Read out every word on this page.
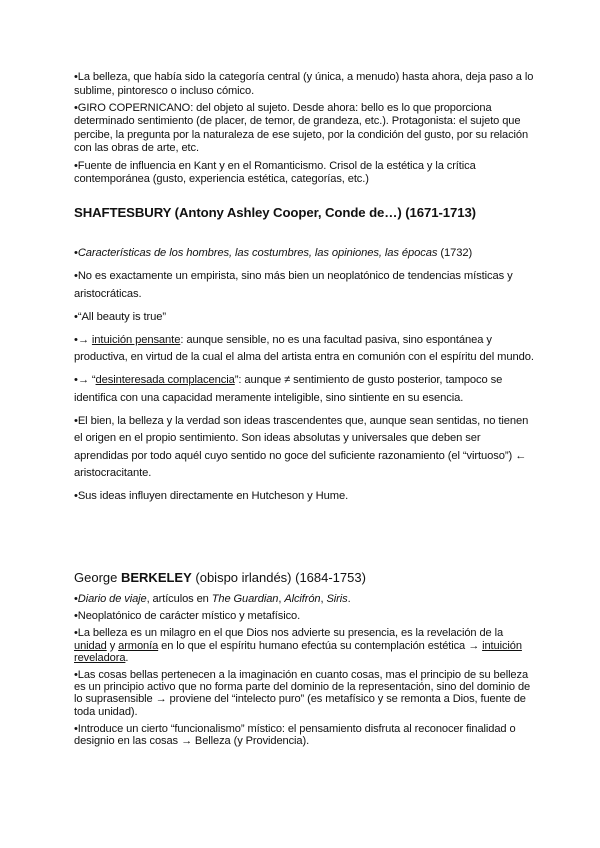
•La belleza, que había sido la categoría central (y única, a menudo) hasta ahora, deja paso a lo sublime, pintoresco o incluso cómico.

•GIRO COPERNICANO: del objeto al sujeto. Desde ahora: bello es lo que proporciona determinado sentimiento (de placer, de temor, de grandeza, etc.). Protagonista: el sujeto que percibe, la pregunta por la naturaleza de ese sujeto, por la condición del gusto, por su relación con las obras de arte, etc.

•Fuente de influencia en Kant y en el Romanticismo. Crisol de la estética y la crítica contemporánea (gusto, experiencia estética, categorías, etc.)

SHAFTESBURY (Antony Ashley Cooper, Conde de…) (1671-1713)

•Características de los hombres, las costumbres, las opiniones, las épocas (1732)

•No es exactamente un empirista, sino más bien un neoplatónico de tendencias místicas y aristocráticas.

•“All beauty is true”

•→ intuición pensante: aunque sensible, no es una facultad pasiva, sino espontánea y productiva, en virtud de la cual el alma del artista entra en comunión con el espíritu del mundo.

•→ “desinteresada complacencia”: aunque ≠ sentimiento de gusto posterior, tampoco se identifica con una capacidad meramente inteligible, sino sintiente en su esencia.

•El bien, la belleza y la verdad son ideas trascendentes que, aunque sean sentidas, no tienen el origen en el propio sentimiento. Son ideas absolutas y universales que deben ser aprendidas por todo aquél cuyo sentido no goce del suficiente razonamiento (el “virtuoso”) ← aristocracitante.

•Sus ideas influyen directamente en Hutcheson y Hume.

George BERKELEY (obispo irlandés) (1684-1753)

•Diario de viaje, artículos en The Guardian, Alcifrón, Siris.

•Neoplatónico de carácter místico y metafísico.

•La belleza es un milagro en el que Dios nos advierte su presencia, es la revelación de la unidad y armonía en lo que el espíritu humano efectúa su contemplación estética → intuición reveladora.

•Las cosas bellas pertenecen a la imaginación en cuanto cosas, mas el principio de su belleza es un principio activo que no forma parte del dominio de la representación, sino del dominio de lo suprasensible → proviene del “intelecto puro” (es metafísico y se remonta a Dios, fuente de toda unidad).

•Introduce un cierto “funcionalismo” místico: el pensamiento disfruta al reconocer finalidad o designio en las cosas → Belleza (y Providencia).
